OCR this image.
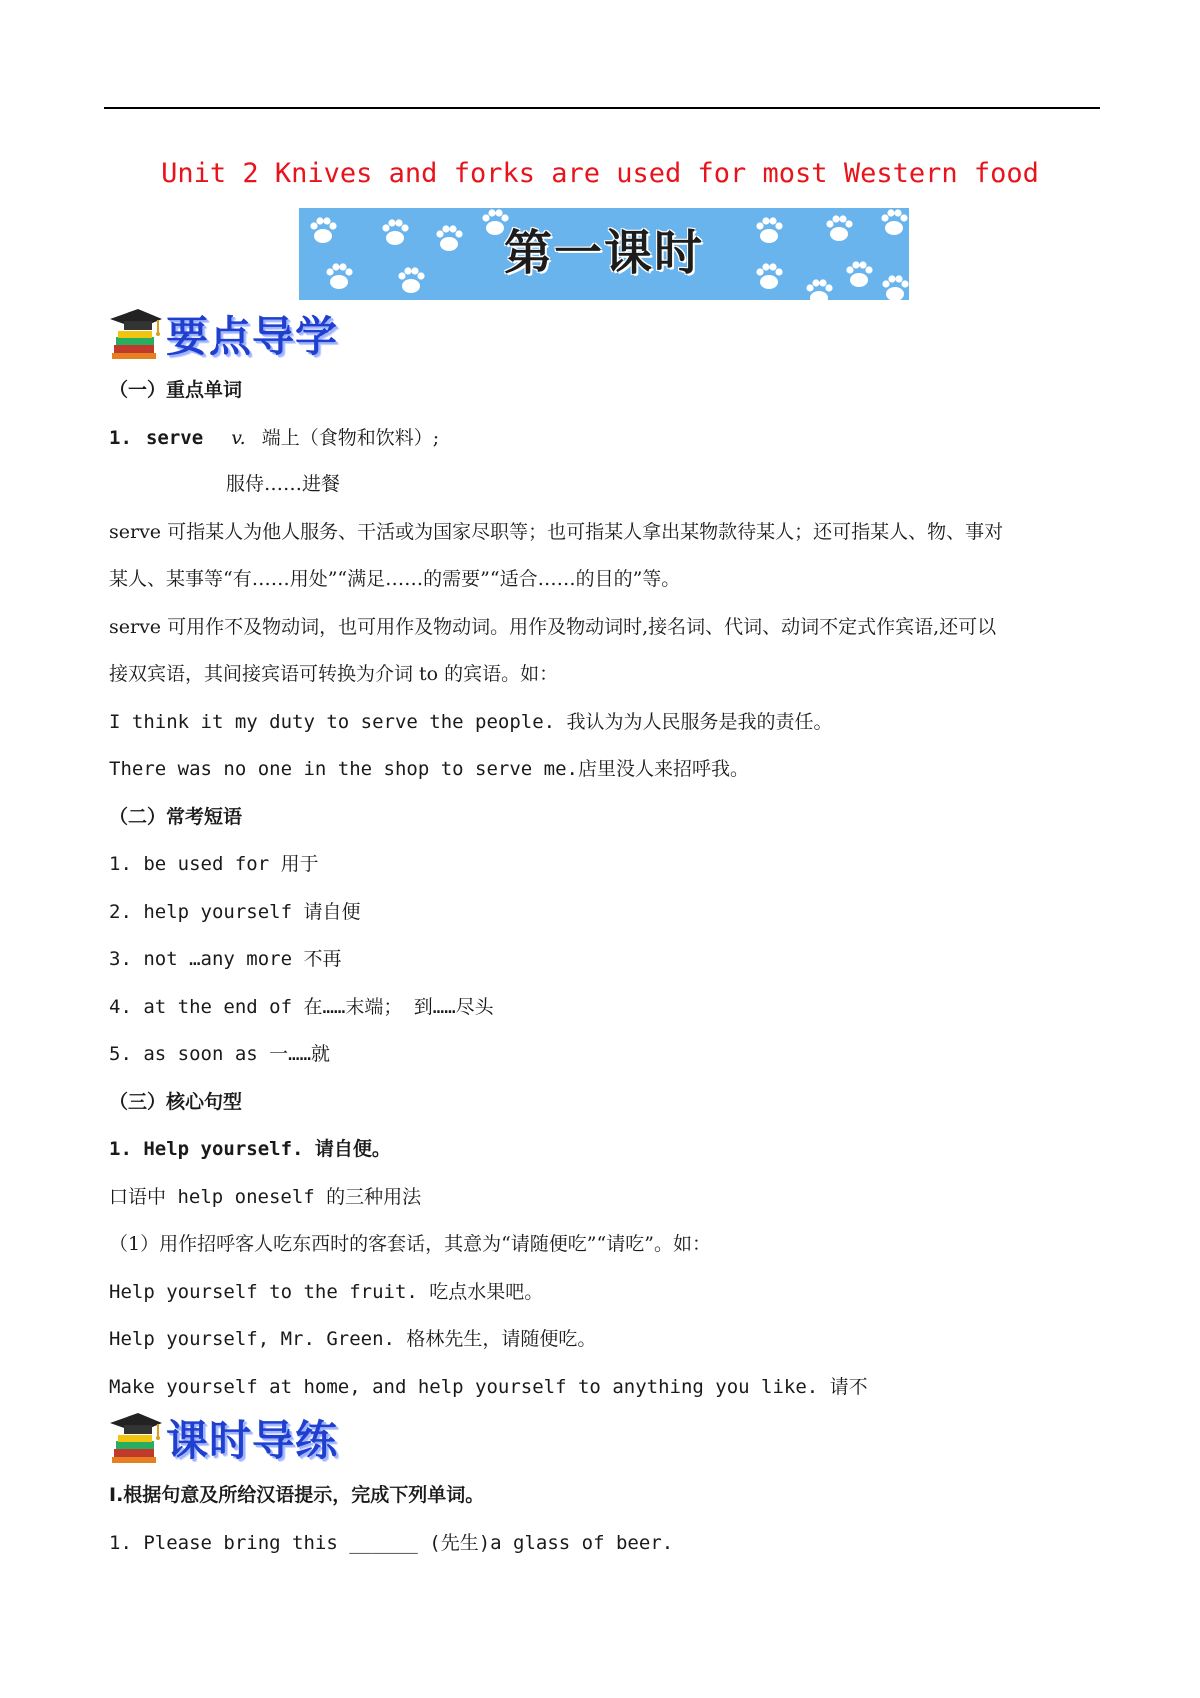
Unit 2 Knives and forks are used for most Western food
第一课时
要点导学
（一）重点单词
1. serve v. 端上（食物和饮料）;
服侍……进餐
serve 可指某人为他人服务、干活或为国家尽职等；也可指某人拿出某物款待某人；还可指某人、物、事对
某人、某事等“有……用处”“满足……的需要”“适合……的目的”等。
serve 可用作不及物动词，也可用作及物动词。用作及物动词时,接名词、代词、动词不定式作宾语,还可以
接双宾语，其间接宾语可转换为介词 to 的宾语。如：
I think it my duty to serve the people. 我认为为人民服务是我的责任。
There was no one in the shop to serve me.店里没人来招呼我。
（二）常考短语
1. be used for 用于
2. help yourself 请自便
3. not …any more 不再
4. at the end of 在……末端； 到……尽头
5. as soon as 一……就
（三）核心句型
1. Help yourself. 请自便。
口语中 help oneself 的三种用法
（1）用作招呼客人吃东西时的客套话，其意为“请随便吃”“请吃”。如：
Help yourself to the fruit. 吃点水果吧。
Help yourself, Mr. Green. 格林先生，请随便吃。
Make yourself at home, and help yourself to anything you like. 请不
课时导练
Ⅰ.根据句意及所给汉语提示，完成下列单词。
1. Please bring this ______ (先生)a glass of beer.
